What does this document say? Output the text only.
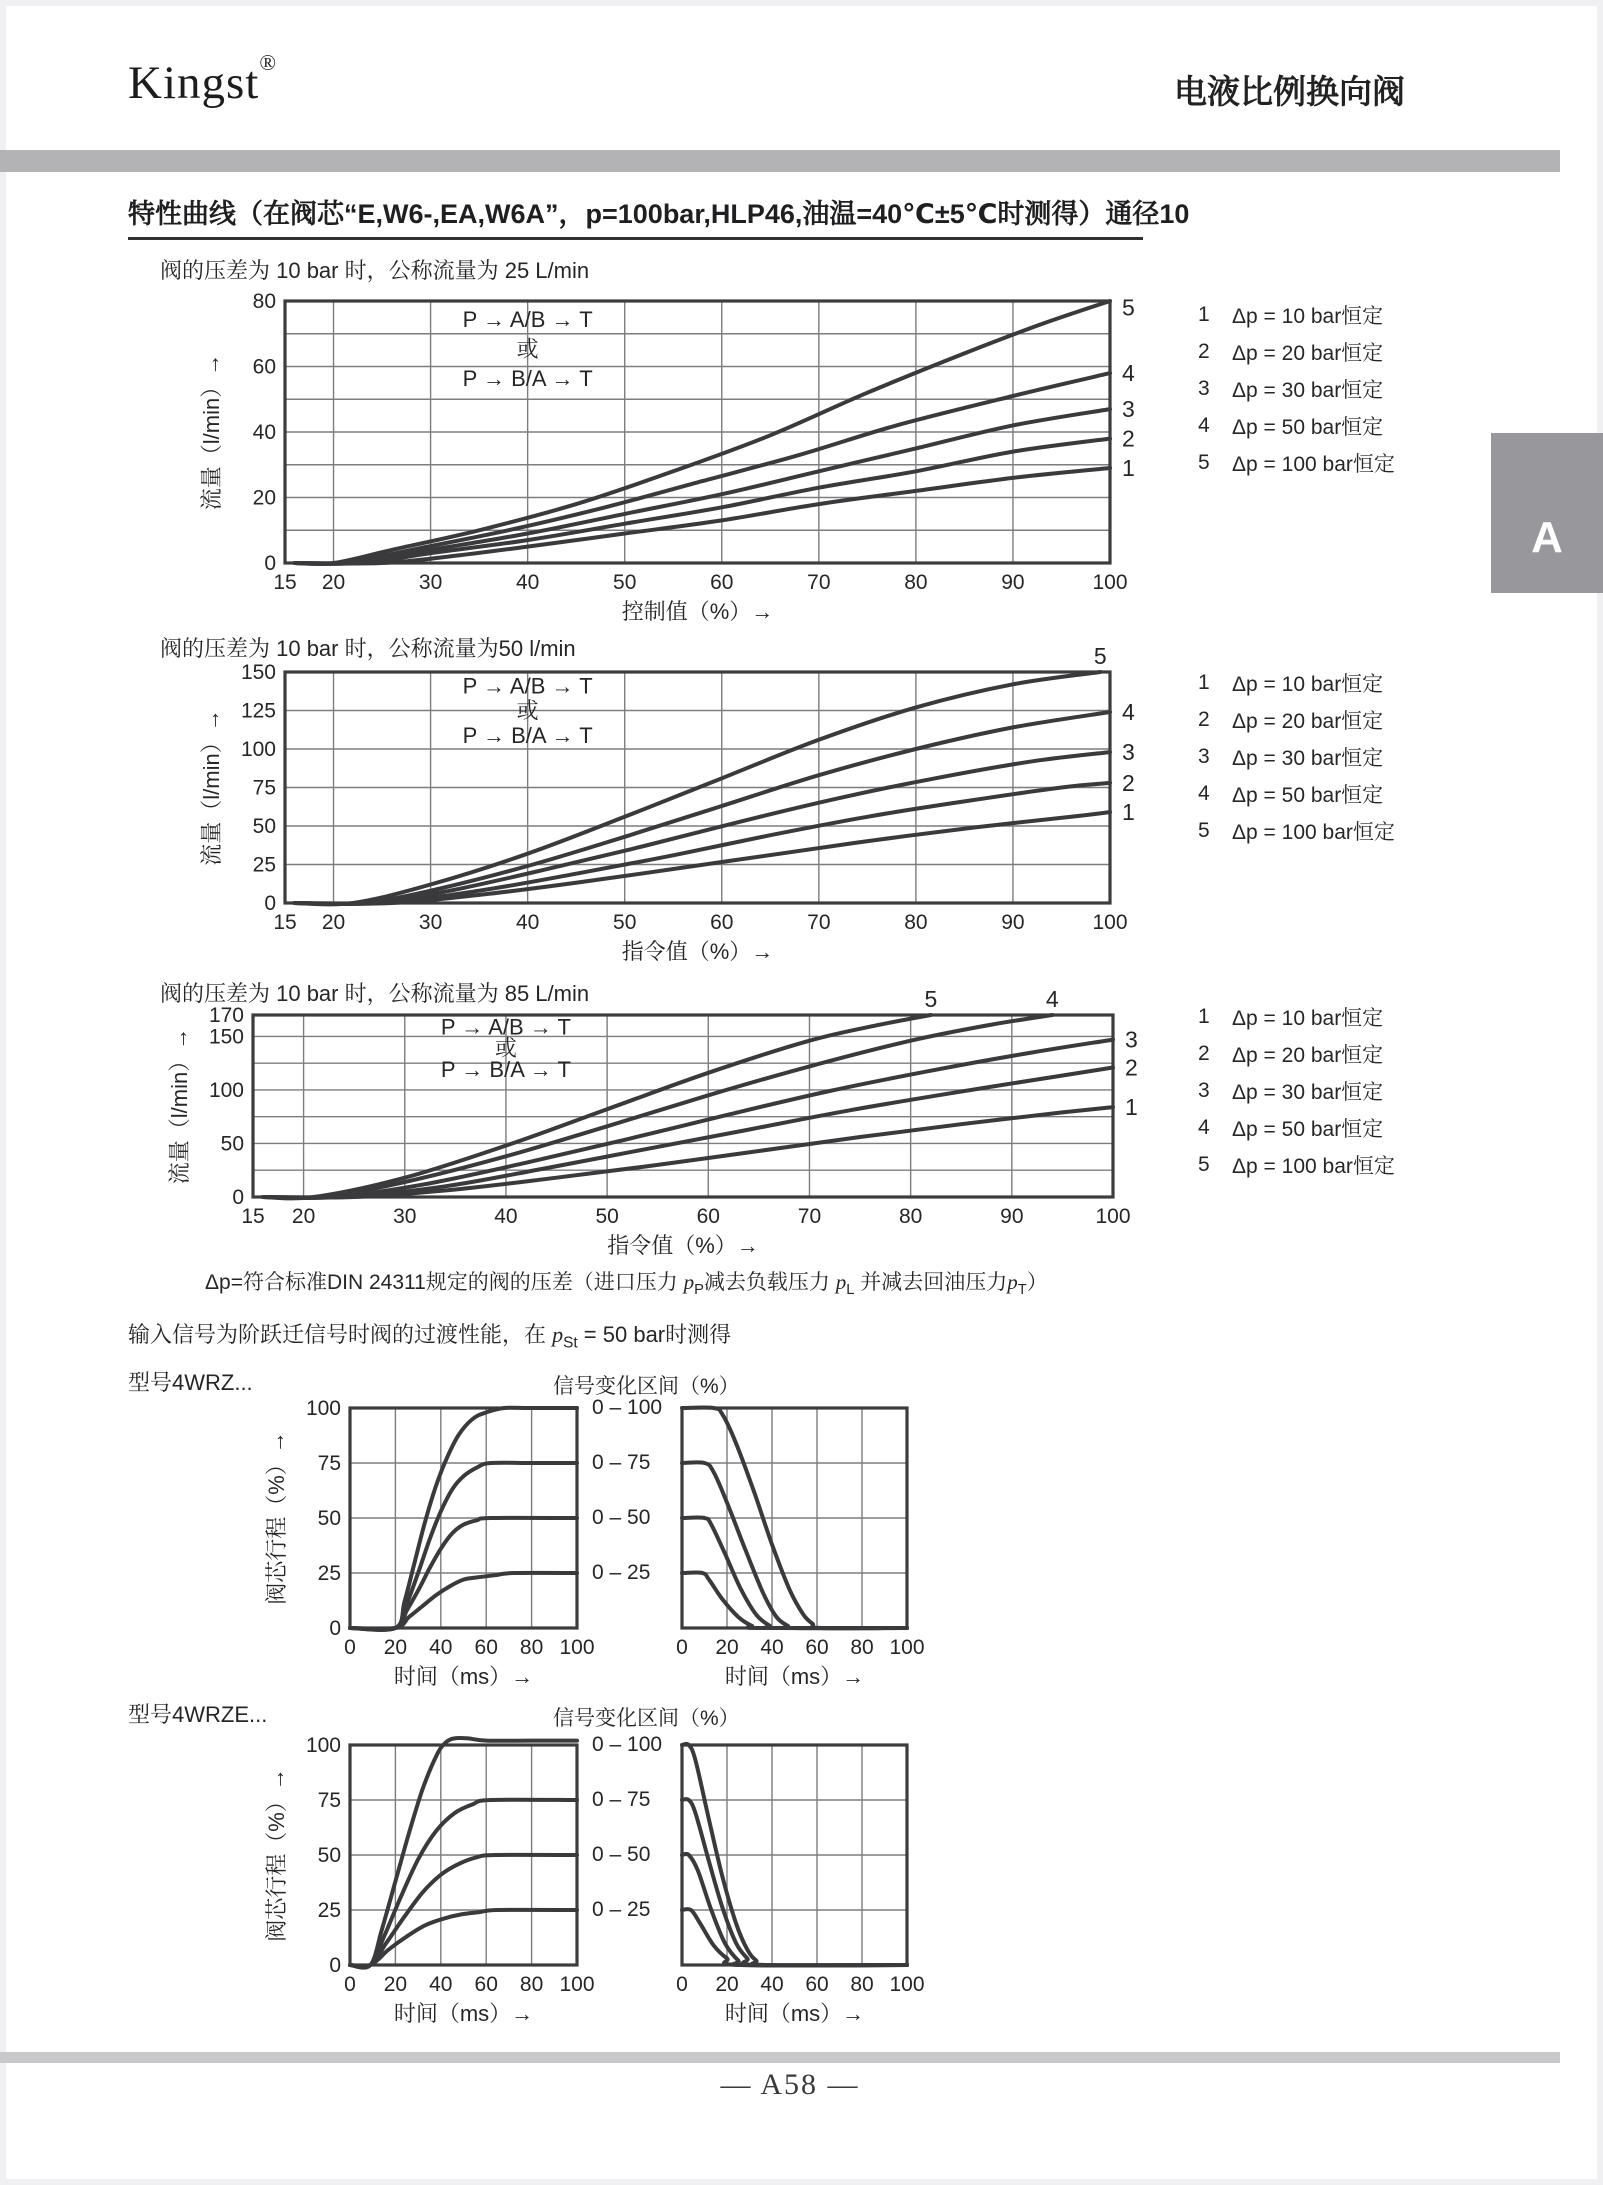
Kingst®
电液比例换向阀
特性曲线（在阀芯“E,W6-,EA,W6A”，p=100bar,HLP46,油温=40℃±5℃时测得）通径10
阀的压差为 10 bar 时，公称流量为 25 L/min
15 20	30	40	50	60	70	80	90	100
0
20
40
60
80
控制值（%）→
流量（l/min）→
P → A/B → T
或
P → B/A → T
1
2
3
4
5	1	Δp = 10 bar恒定
2	Δp = 20 bar恒定
3	Δp = 30 bar恒定
4	Δp = 50 bar恒定
5	Δp = 100 bar恒定
阀的压差为 10 bar 时，公称流量为50 l/min
15 20	30	40	50	60	70	80	90	100
0
25
50
75
100
125
150
指令值（%）→
流量（l/min）→
P → A/B → T
或
P → B/A → T
1
2
3
4
5
1	Δp = 10 bar恒定
2	Δp = 20 bar恒定
3	Δp = 30 bar恒定
4	Δp = 50 bar恒定
5	Δp = 100 bar恒定
阀的压差为 10 bar 时，公称流量为 85 L/min
15 20	30	40	50	60	70	80	90	100
0
50
100
150
170
指令值（%）→
流量（l/min）→
P → A/B → T
或
P → B/A → T
1
2
3
4
5
1	Δp = 10 bar恒定
2	Δp = 20 bar恒定
3	Δp = 30 bar恒定
4	Δp = 50 bar恒定
5	Δp = 100 bar恒定
Δp=符合标准DIN 24311规定的阀的压差（进口压力 $p_P$减去负载压力 $p_L$ 并减去回油压力$p_T$）
输入信号为阶跃迁信号时阀的过渡性能，在 $p_{St} = 50$ bar时测得
型号4WRZ...	信号变化区间（%）
0 20 40 60 80 100
0
25
50
75
100
时间（ms）→
阀芯行程（%）→
0 20 40 60 80 100
时间（ms）→
0 – 100
0 – 75
0 – 50
0 – 25
型号4WRZE...	信号变化区间（%）
0 20 40 60 80 100
0
25
50
75
100
时间（ms）→
阀芯行程（%）→
0 20 40 60 80 100
时间（ms）→
0 – 100
0 – 75
0 – 50
0 – 25
A
— A58 —
